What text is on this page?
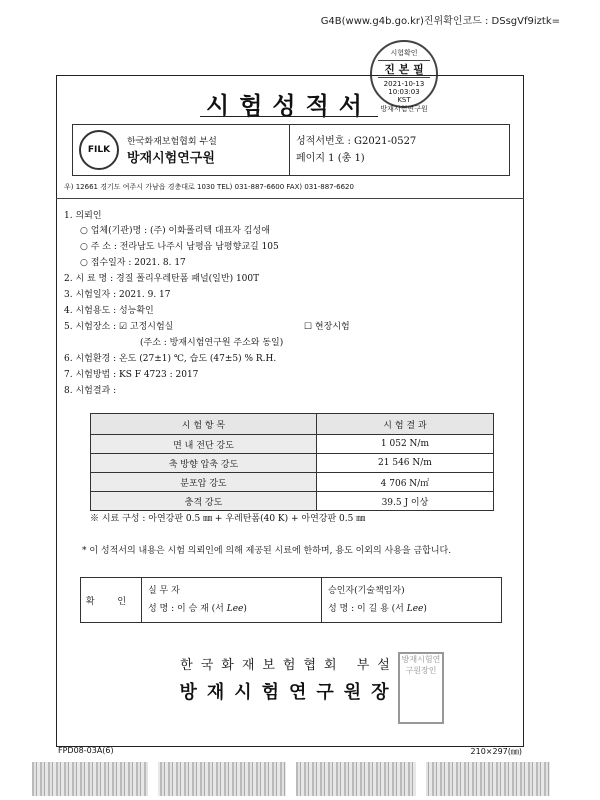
G4B(www.g4b.go.kr)진위확인코드 : DSsgVf9iztk=
시험확인
진 본 필
2021-10-13
10:03:03
KST
방재시험연구원
시험성적서
FILK
한국화재보험협회 부설
방재시험연구원
성적서번호 : G2021-0527
페이지 1 (총 1)
우) 12661 경기도 여주시 가남읍 경충대로 1030 TEL) 031-887-6600 FAX) 031-887-6620
1. 의뢰인
○ 업체(기관)명 : (주) 이화폴리텍 대표자 김성애
○ 주 소 : 전라남도 나주시 남평읍 남평향교길 105
○ 접수일자 : 2021. 8. 17
2. 시 료 명 : 경질 폴리우레탄폼 패널(일반) 100T
3. 시험일자 : 2021. 9. 17
4. 시험용도 : 성능확인
5. 시험장소 : ☑ 고정시험실	☐ 현장시험
(주소 : 방재시험연구원 주소와 동일)
6. 시험환경 : 온도 (27±1) ℃, 습도 (47±5) % R.H.
7. 시험방법 : KS F 4723 : 2017
8. 시험결과 :
시 험 항 목	시 험 결 과
면 내 전단 강도	1 052 N/m
축 방향 압축 강도	21 546 N/m
분포압 강도	4 706 N/㎡
충격 강도	39.5 J 이상
※ 시료 구성 : 아연강판 0.5 ㎜ + 우레탄폼(40 K) + 아연강판 0.5 ㎜
* 이 성적서의 내용은 시험 의뢰인에 의해 제공된 시료에 한하며, 용도 이외의 사용을 금합니다.
확 인
실 무 자
성 명 : 이 승 재 (서 Lee)
승인자(기술책임자)
성 명 : 이 길 용 (서 Lee)
한국화재보험협회 부설
방재시험연구원장
방재시험연구원장인
FPD08-03A(6)	210×297(㎜)
